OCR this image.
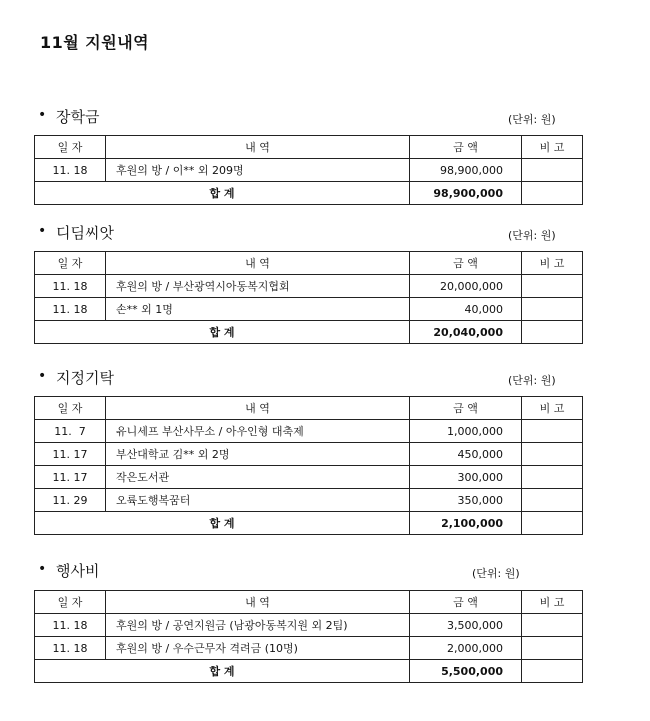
11월 지원내역
• 장학금	(단위: 원)
일 자	내 역	금 액	비 고
11. 18	후원의 방 / 이** 외 209명	98,900,000	
합 계		98,900,000	
• 디딤씨앗	(단위: 원)
일 자	내 역	금 액	비 고
11. 18	후원의 방 / 부산광역시아동복지협회	20,000,000	
11. 18	손** 외 1명	40,000	
합 계		20,040,000	
• 지정기탁	(단위: 원)
일 자	내 역	금 액	비 고
11.  7	유니세프 부산사무소 / 아우인형 대축제	1,000,000	
11. 17	부산대학교 김** 외 2명	450,000	
11. 17	작은도서관	300,000	
11. 29	오륙도행복꿈터	350,000	
합 계		2,100,000	
• 행사비	(단위: 원)
일 자	내 역	금 액	비 고
11. 18	후원의 방 / 공연지원금 (남광아동복지원 외 2팀)	3,500,000	
11. 18	후원의 방 / 우수근무자 격려금 (10명)	2,000,000	
합 계		5,500,000	
